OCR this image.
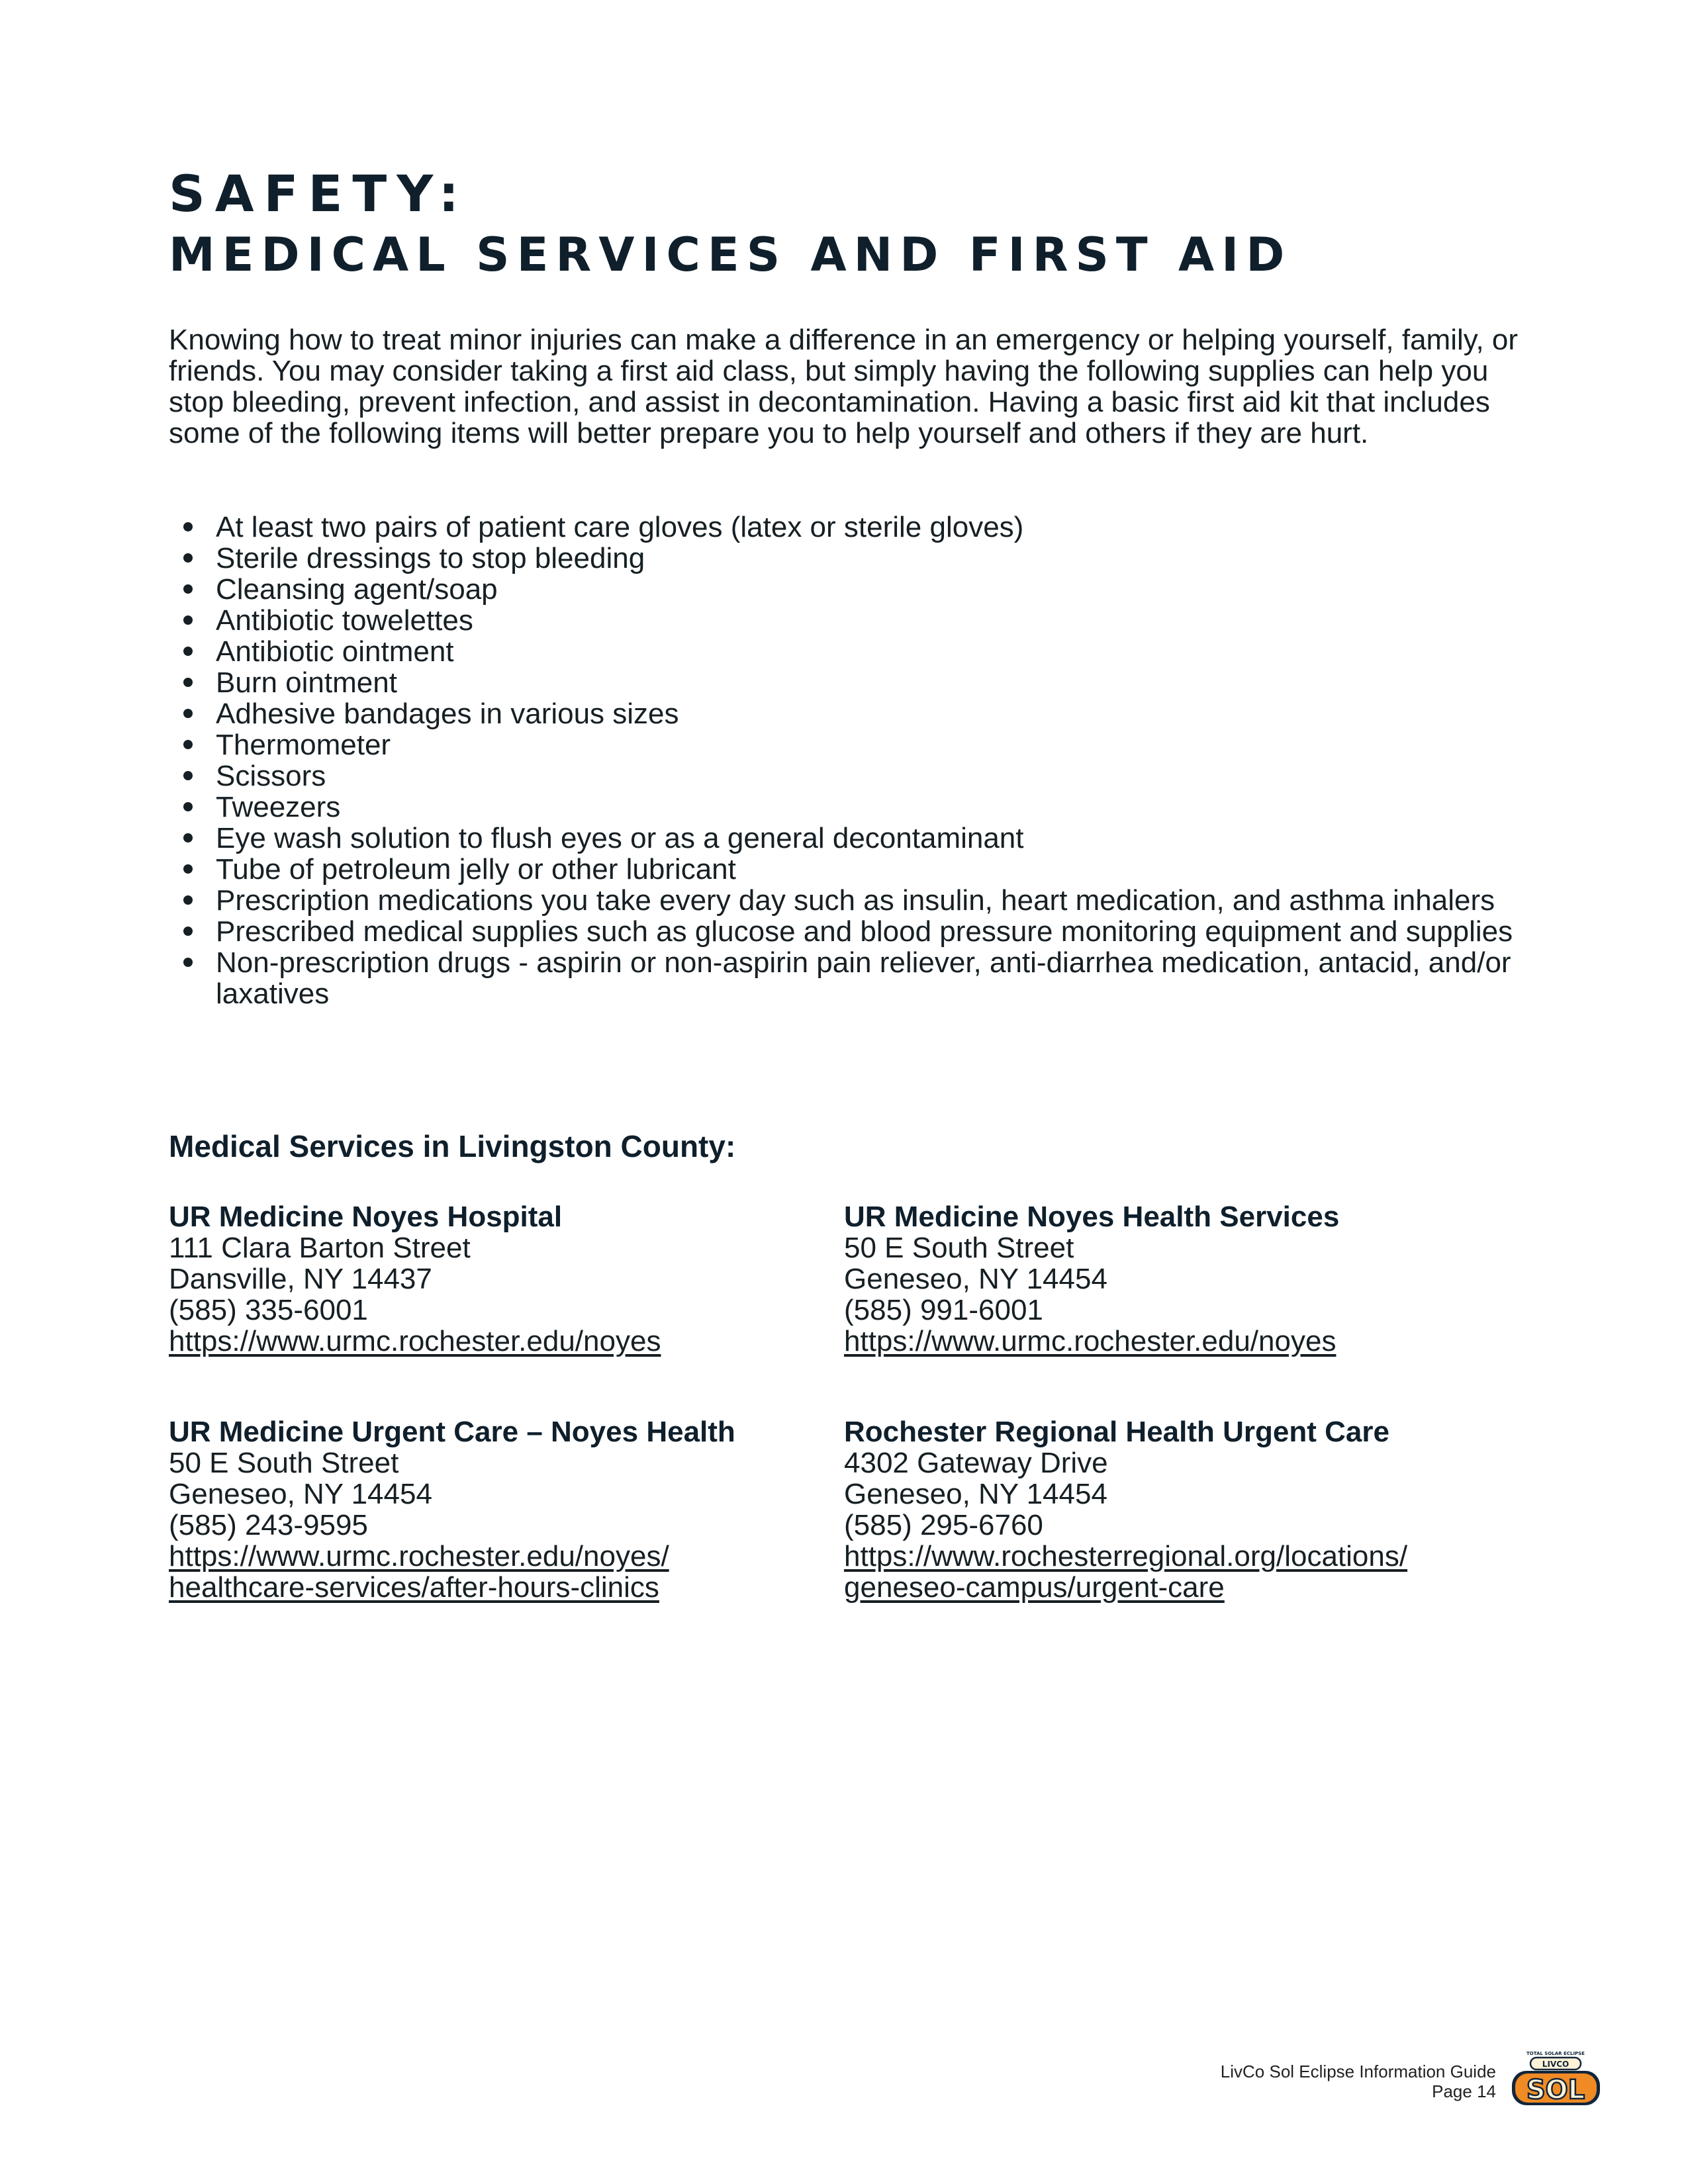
SAFETY:
MEDICAL SERVICES AND FIRST AID

Knowing how to treat minor injuries can make a difference in an emergency or helping yourself, family, or friends. You may consider taking a first aid class, but simply having the following supplies can help you stop bleeding, prevent infection, and assist in decontamination. Having a basic first aid kit that includes some of the following items will better prepare you to help yourself and others if they are hurt.

At least two pairs of patient care gloves (latex or sterile gloves)
Sterile dressings to stop bleeding
Cleansing agent/soap
Antibiotic towelettes
Antibiotic ointment
Burn ointment
Adhesive bandages in various sizes
Thermometer
Scissors
Tweezers
Eye wash solution to flush eyes or as a general decontaminant
Tube of petroleum jelly or other lubricant
Prescription medications you take every day such as insulin, heart medication, and asthma inhalers
Prescribed medical supplies such as glucose and blood pressure monitoring equipment and supplies
Non-prescription drugs - aspirin or non-aspirin pain reliever, anti-diarrhea medication, antacid, and/or laxatives
Medical Services in Livingston County:
UR Medicine Noyes Hospital
111 Clara Barton Street
Dansville, NY 14437
(585) 335-6001
https://www.urmc.rochester.edu/noyes
UR Medicine Noyes Health Services
50 E South Street
Geneseo, NY 14454
(585) 991-6001
https://www.urmc.rochester.edu/noyes
UR Medicine Urgent Care – Noyes Health
50 E South Street
Geneseo, NY 14454
(585) 243-9595
https://www.urmc.rochester.edu/noyes/
healthcare-services/after-hours-clinics
Rochester Regional Health Urgent Care
4302 Gateway Drive
Geneseo, NY 14454
(585) 295-6760
https://www.rochesterregional.org/locations/
geneseo-campus/urgent-care
LivCo Sol Eclipse Information Guide
Page 14
TOTAL SOLAR ECLIPSE
LIVCO
SOL
